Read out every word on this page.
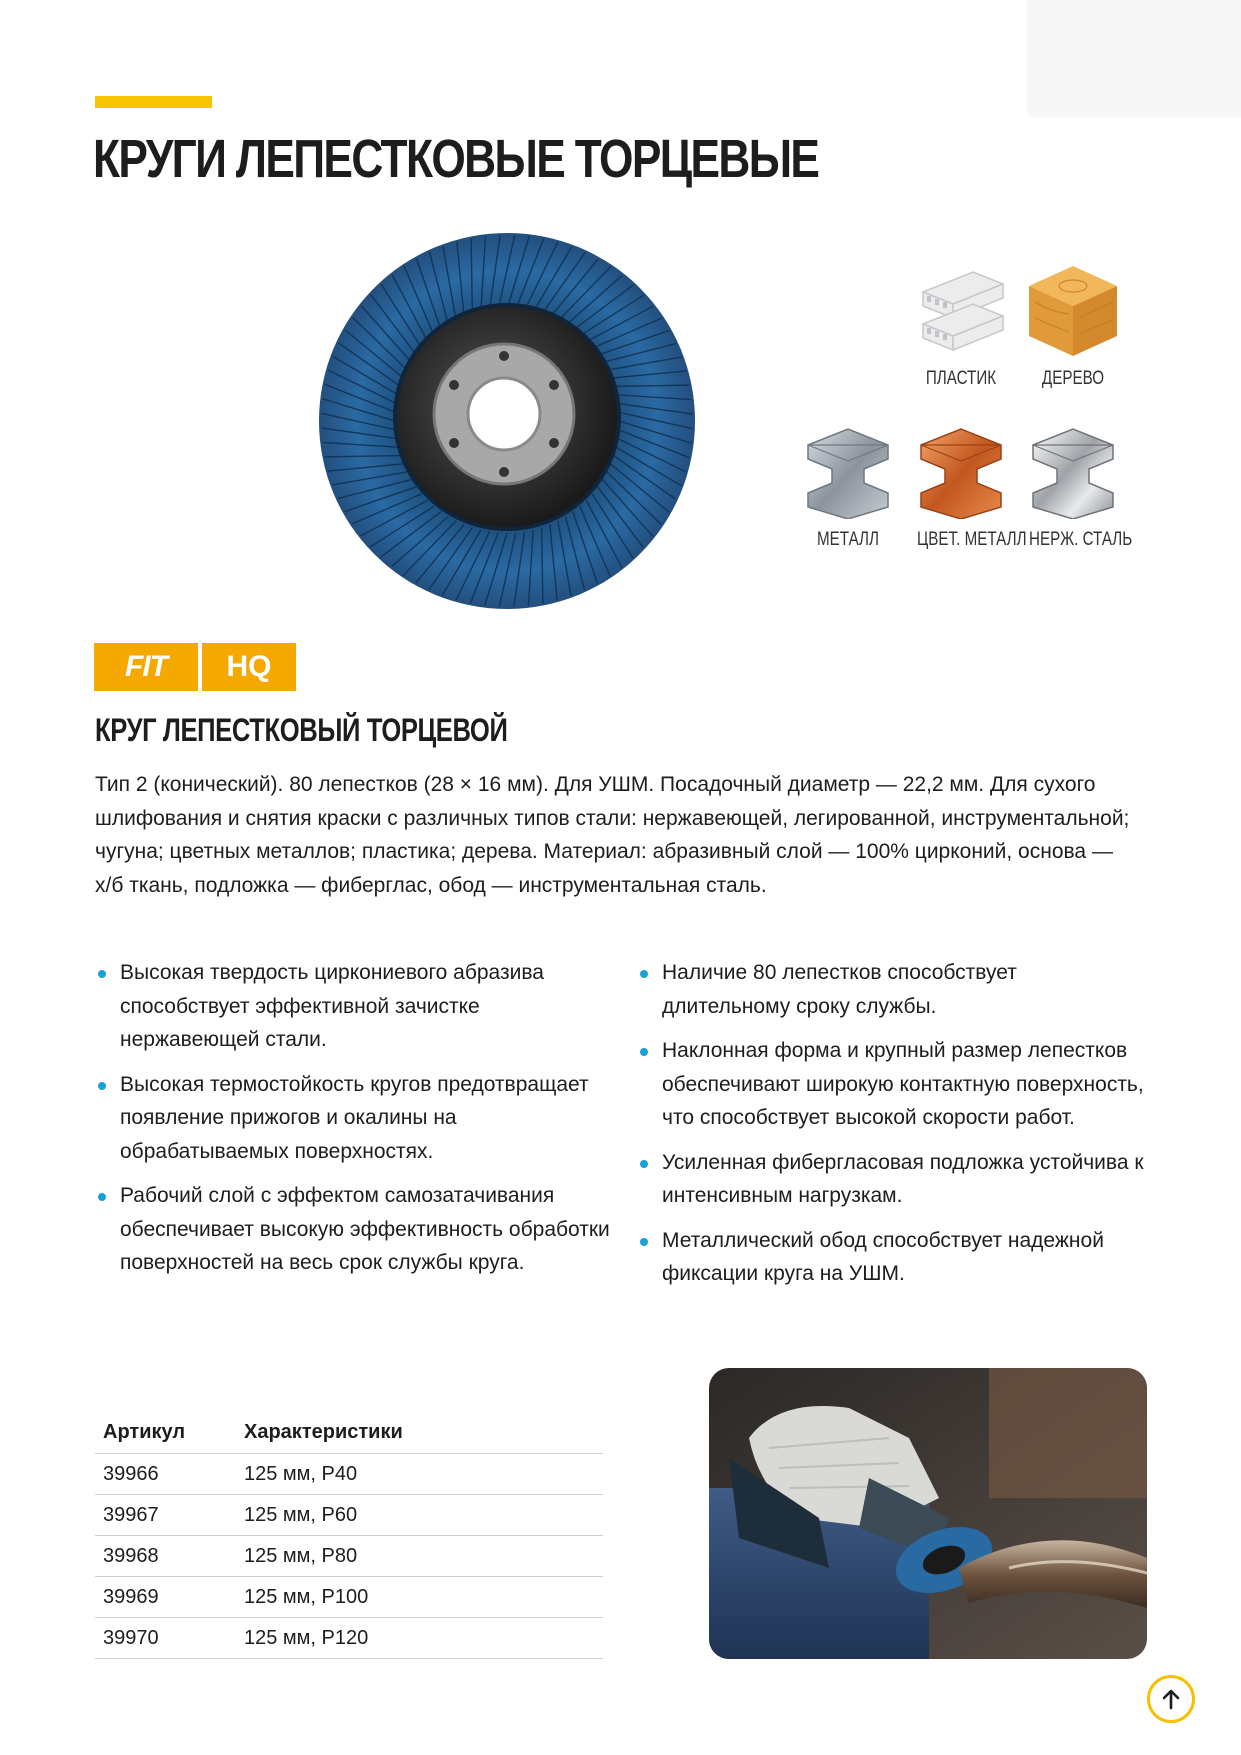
КРУГИ ЛЕПЕСТКОВЫЕ ТОРЦЕВЫЕ
ПЛАСТИК	ДЕРЕВО
МЕТАЛЛ	ЦВЕТ. МЕТАЛЛ НЕРЖ. СТАЛЬ
FIT HQ
КРУГ ЛЕПЕСТКОВЫЙ ТОРЦЕВОЙ

Тип 2 (конический). 80 лепестков (28 × 16 мм). Для УШМ. Посадочный диаметр — 22,2 мм. Для сухого шлифования и снятия краски с различных типов стали: нержавеющей, легированной, инструментальной; чугуна; цветных металлов; пластика; дерева. Материал: абразивный слой — 100% цирконий, основа — х/б ткань, подложка — фиберглас, обод — инструментальная сталь.

Высокая твердость циркониевого абразива способствует эффективной зачистке нержавеющей стали.
Высокая термостойкость кругов предотвращает появление прижогов и окалины на обрабатываемых поверхностях.
Рабочий слой с эффектом самозатачивания обеспечивает высокую эффективность обработки поверхностей на весь срок службы круга.
Наличие 80 лепестков способствует длительному сроку службы.
Наклонная форма и крупный размер лепестков обеспечивают широкую контактную поверхность, что способствует высокой скорости работ.
Усиленная фибергласовая подложка устойчива к интенсивным нагрузкам.
Металлический обод способствует надежной фиксации круга на УШМ.
Артикул	Характеристики
39966	125 мм, P40
39967	125 мм, P60
39968	125 мм, P80
39969	125 мм, P100
39970	125 мм, P120
